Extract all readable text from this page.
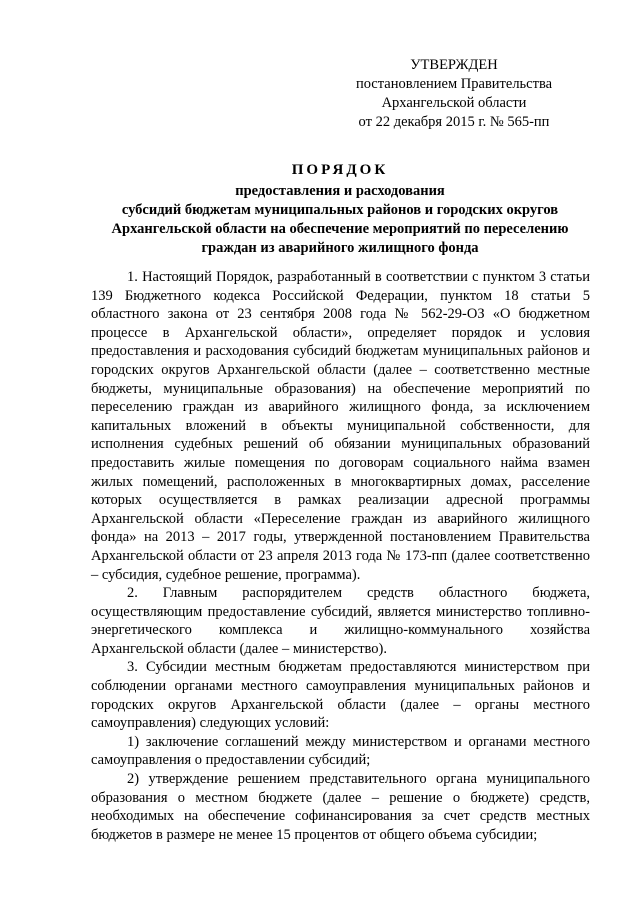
УТВЕРЖДЕН
постановлением Правительства
Архангельской области
от 22 декабря 2015 г. № 565-пп
ПОРЯДОК
предоставления и расходования
субсидий бюджетам муниципальных районов и городских округов
Архангельской области на обеспечение мероприятий по переселению
граждан из аварийного жилищного фонда

1. Настоящий Порядок, разработанный в соответствии с пунктом 3 статьи 139 Бюджетного кодекса Российской Федерации, пунктом 18 статьи 5 областного закона от 23 сентября 2008 года № 562-29-ОЗ «О бюджетном процессе в Архангельской области», определяет порядок и условия предоставления и расходования субсидий бюджетам муниципальных районов и городских округов Архангельской области (далее – соответственно местные бюджеты, муниципальные образования) на обеспечение мероприятий по переселению граждан из аварийного жилищного фонда, за исключением капитальных вложений в объекты муниципальной собственности, для исполнения судебных решений об обязании муниципальных образований предоставить жилые помещения по договорам социального найма взамен жилых помещений, расположенных в многоквартирных домах, расселение которых осуществляется в рамках реализации адресной программы Архангельской области «Переселение граждан из аварийного жилищного фонда» на 2013 – 2017 годы, утвержденной постановлением Правительства Архангельской области от 23 апреля 2013 года № 173-пп (далее соответственно – субсидия, судебное решение, программа).

2. Главным распорядителем средств областного бюджета, осуществляющим предоставление субсидий, является министерство топливно-энергетического комплекса и жилищно-коммунального хозяйства Архангельской области (далее – министерство).

3. Субсидии местным бюджетам предоставляются министерством при соблюдении органами местного самоуправления муниципальных районов и городских округов Архангельской области (далее – органы местного самоуправления) следующих условий:

1) заключение соглашений между министерством и органами местного самоуправления о предоставлении субсидий;

2) утверждение решением представительного органа муниципального образования о местном бюджете (далее – решение о бюджете) средств, необходимых на обеспечение софинансирования за счет средств местных бюджетов в размере не менее 15 процентов от общего объема субсидии;
